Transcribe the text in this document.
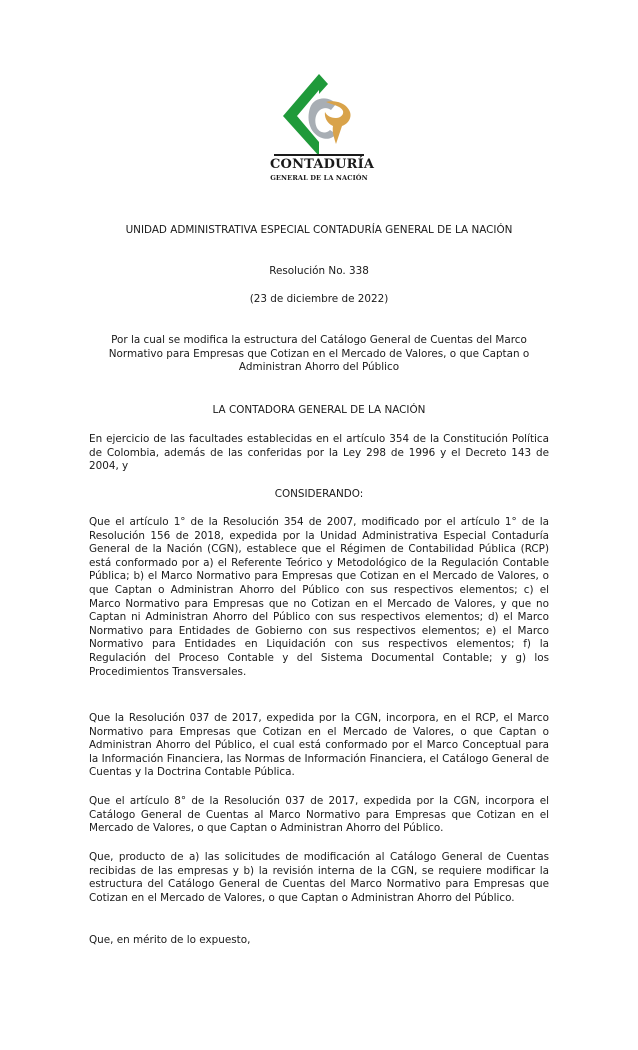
CONTADURÍA
GENERAL DE LA NACIÓN
UNIDAD ADMINISTRATIVA ESPECIAL CONTADURÍA GENERAL DE LA NACIÓN
Resolución No. 338
(23 de diciembre de 2022)
Por la cual se modifica la estructura del Catálogo General de Cuentas del Marco Normativo para Empresas que Cotizan en el Mercado de Valores, o que Captan o Administran Ahorro del Público
LA CONTADORA GENERAL DE LA NACIÓN
En ejercicio de las facultades establecidas en el artículo 354 de la Constitución Política de Colombia, además de las conferidas por la Ley 298 de 1996 y el Decreto 143 de 2004, y
CONSIDERANDO:
Que el artículo 1° de la Resolución 354 de 2007, modificado por el artículo 1° de la Resolución 156 de 2018, expedida por la Unidad Administrativa Especial Contaduría General de la Nación (CGN), establece que el Régimen de Contabilidad Pública (RCP) está conformado por a) el Referente Teórico y Metodológico de la Regulación Contable Pública; b) el Marco Normativo para Empresas que Cotizan en el Mercado de Valores, o que Captan o Administran Ahorro del Público con sus respectivos elementos; c) el Marco Normativo para Empresas que no Cotizan en el Mercado de Valores, y que no Captan ni Administran Ahorro del Público con sus respectivos elementos; d) el Marco Normativo para Entidades de Gobierno con sus respectivos elementos; e) el Marco Normativo para Entidades en Liquidación con sus respectivos elementos; f) la Regulación del Proceso Contable y del Sistema Documental Contable; y g) los Procedimientos Transversales.
Que la Resolución 037 de 2017, expedida por la CGN, incorpora, en el RCP, el Marco Normativo para Empresas que Cotizan en el Mercado de Valores, o que Captan o Administran Ahorro del Público, el cual está conformado por el Marco Conceptual para la Información Financiera, las Normas de Información Financiera, el Catálogo General de Cuentas y la Doctrina Contable Pública.
Que el artículo 8° de la Resolución 037 de 2017, expedida por la CGN, incorpora el Catálogo General de Cuentas al Marco Normativo para Empresas que Cotizan en el Mercado de Valores, o que Captan o Administran Ahorro del Público.
Que, producto de a) las solicitudes de modificación al Catálogo General de Cuentas recibidas de las empresas y b) la revisión interna de la CGN, se requiere modificar la estructura del Catálogo General de Cuentas del Marco Normativo para Empresas que Cotizan en el Mercado de Valores, o que Captan o Administran Ahorro del Público.
Que, en mérito de lo expuesto,
